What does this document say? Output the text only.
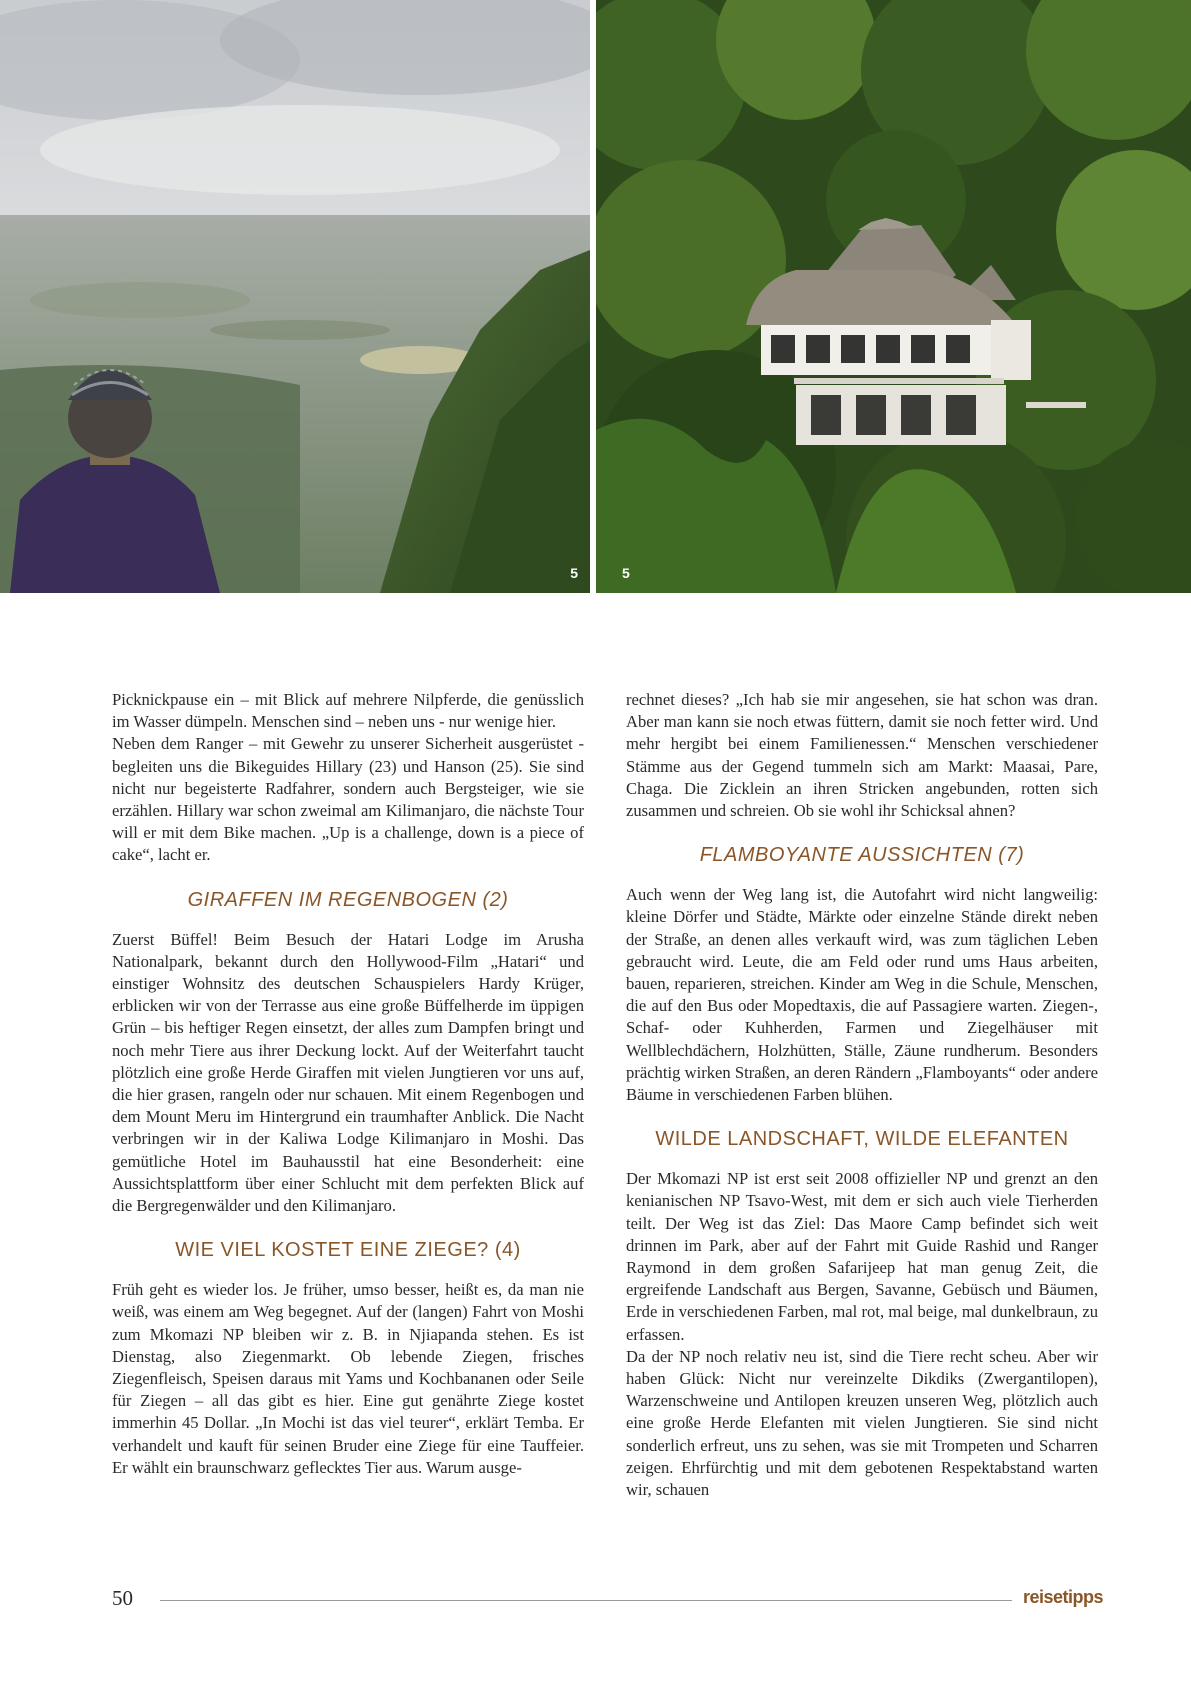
5	5

Picknickpause ein – mit Blick auf mehrere Nilpferde, die genüsslich im Wasser dümpeln. Menschen sind – neben uns - nur wenige hier.

Neben dem Ranger – mit Gewehr zu unserer Sicherheit ausgerüstet - begleiten uns die Bikeguides Hillary (23) und Hanson (25). Sie sind nicht nur begeisterte Radfahrer, sondern auch Bergsteiger, wie sie erzählen. Hillary war schon zweimal am Kilimanjaro, die nächste Tour will er mit dem Bike machen. „Up is a challenge, down is a piece of cake“, lacht er.

GIRAFFEN IM REGENBOGEN (2)

Zuerst Büffel! Beim Besuch der Hatari Lodge im Arusha Nationalpark, bekannt durch den Hollywood-Film „Hatari“ und einstiger Wohnsitz des deutschen Schauspielers Hardy Krüger, erblicken wir von der Terrasse aus eine große Büffelherde im üppigen Grün – bis heftiger Regen einsetzt, der alles zum Dampfen bringt und noch mehr Tiere aus ihrer Deckung lockt. Auf der Weiterfahrt taucht plötzlich eine große Herde Giraffen mit vielen Jungtieren vor uns auf, die hier grasen, rangeln oder nur schauen. Mit einem Regenbogen und dem Mount Meru im Hintergrund ein traumhafter Anblick. Die Nacht verbringen wir in der Kaliwa Lodge Kilimanjaro in Moshi. Das gemütliche Hotel im Bauhausstil hat eine Besonderheit: eine Aussichtsplattform über einer Schlucht mit dem perfekten Blick auf die Bergregenwälder und den Kilimanjaro.

WIE VIEL KOSTET EINE ZIEGE? (4)

Früh geht es wieder los. Je früher, umso besser, heißt es, da man nie weiß, was einem am Weg begegnet. Auf der (langen) Fahrt von Moshi zum Mkomazi NP bleiben wir z. B. in Njiapanda stehen. Es ist Dienstag, also Ziegenmarkt. Ob lebende Ziegen, frisches Ziegenfleisch, Speisen daraus mit Yams und Kochbananen oder Seile für Ziegen – all das gibt es hier. Eine gut genährte Ziege kostet immerhin 45 Dollar. „In Mochi ist das viel teurer“, erklärt Temba. Er verhandelt und kauft für seinen Bruder eine Ziege für eine Tauffeier. Er wählt ein braunschwarz geflecktes Tier aus. Warum ausge-

rechnet dieses? „Ich hab sie mir angesehen, sie hat schon was dran. Aber man kann sie noch etwas füttern, damit sie noch fetter wird. Und mehr hergibt bei einem Familienessen.“ Menschen verschiedener Stämme aus der Gegend tummeln sich am Markt: Maasai, Pare, Chaga. Die Zicklein an ihren Stricken angebunden, rotten sich zusammen und schreien. Ob sie wohl ihr Schicksal ahnen?

FLAMBOYANTE AUSSICHTEN (7)

Auch wenn der Weg lang ist, die Autofahrt wird nicht langweilig: kleine Dörfer und Städte, Märkte oder einzelne Stände direkt neben der Straße, an denen alles verkauft wird, was zum täglichen Leben gebraucht wird. Leute, die am Feld oder rund ums Haus arbeiten, bauen, reparieren, streichen. Kinder am Weg in die Schule, Menschen, die auf den Bus oder Mopedtaxis, die auf Passagiere warten. Ziegen-, Schaf- oder Kuhherden, Farmen und Ziegelhäuser mit Wellblechdächern, Holzhütten, Ställe, Zäune rundherum. Besonders prächtig wirken Straßen, an deren Rändern „Flamboyants“ oder andere Bäume in verschiedenen Farben blühen.

WILDE LANDSCHAFT, WILDE ELEFANTEN

Der Mkomazi NP ist erst seit 2008 offizieller NP und grenzt an den kenianischen NP Tsavo-West, mit dem er sich auch viele Tierherden teilt. Der Weg ist das Ziel: Das Maore Camp befindet sich weit drinnen im Park, aber auf der Fahrt mit Guide Rashid und Ranger Raymond in dem großen Safarijeep hat man genug Zeit, die ergreifende Landschaft aus Bergen, Savanne, Gebüsch und Bäumen, Erde in verschiedenen Farben, mal rot, mal beige, mal dunkelbraun, zu erfassen.

Da der NP noch relativ neu ist, sind die Tiere recht scheu. Aber wir haben Glück: Nicht nur vereinzelte Dikdiks (Zwergantilopen), Warzenschweine und Antilopen kreuzen unseren Weg, plötzlich auch eine große Herde Elefanten mit vielen Jungtieren. Sie sind nicht sonderlich erfreut, uns zu sehen, was sie mit Trompeten und Scharren zeigen. Ehrfürchtig und mit dem gebotenen Respektabstand warten wir, schauen

50	reisetipps
